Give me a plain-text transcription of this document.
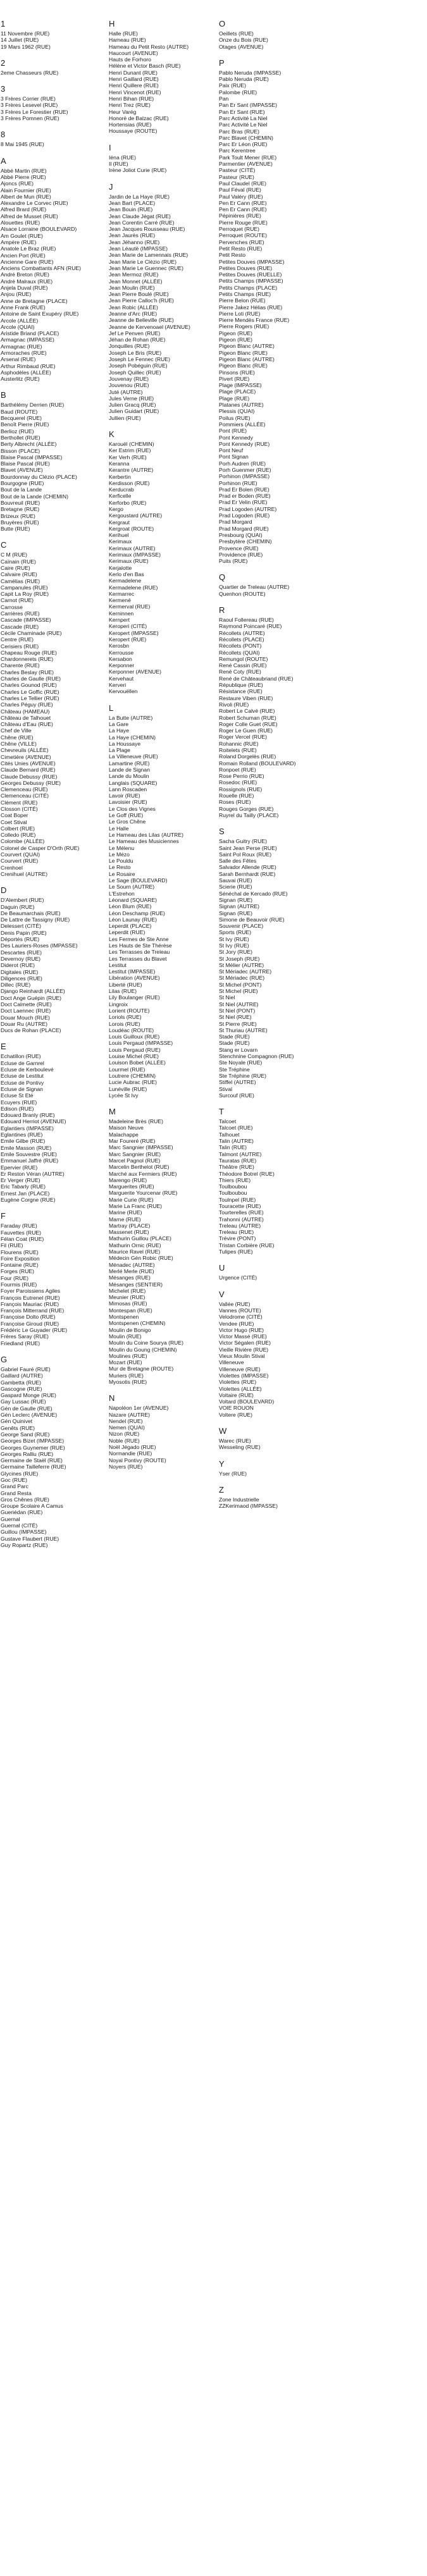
1
11 Novembre (RUE)
14 Juillet (RUE)
19 Mars 1962 (RUE)
2
2eme Chasseurs (RUE)
3
3 Frères Corrier (RUE)
3 Frères Lesevel (RUE)
3 Frères Le Forestier (RUE)
3 Frères Pomnen (RUE)
8
8 Mai 1945 (RUE)
A
Abbé Martin (RUE)
Abbé Pierre (RUE)
Ajoncs (RUE)
Alain Fournier (RUE)
Albert de Mun (RUE)
Alexandre Le Corvec (RUE)
Alfred Brard (RUE)
Alfred de Musset (RUE)
Alouettes (RUE)
Alsace Lorraine (BOULEVARD)
Am Goulet (RUE)
Ampère (RUE)
Anatole Le Braz (RUE)
Ancien Port (RUE)
Ancienne Gare (RUE)
Anciens Combattants AFN (RUE)
André Breton (RUE)
André Malraux (RUE)
Anjela Duval (RUE)
Anjou (RUE)
Anne de Bretagne (PLACE)
Anne Frank (RUE)
Antoine de Saint Exupéry (RUE)
Arcole (ALLÉE)
Arcole (QUAI)
Aristide Briand (PLACE)
Armagnac (IMPASSE)
Armagnac (RUE)
Armoraches (RUE)
Arsenal (RUE)
Arthur Rimbaud (RUE)
Asphodèles (ALLÉE)
Austerlitz (RUE)
B
Barthélémy Derrien (RUE)
Baud (ROUTE)
Becquerel (RUE)
Benoît Pierre (RUE)
Berlioz (RUE)
Berthollet (RUE)
Berty Albrecht (ALLÉE)
Bisson (PLACE)
Blaise Pascal (IMPASSE)
Blaise Pascal (RUE)
Blavet (AVENUE)
Bourdonnay du Clézio (PLACE)
Bourgogne (RUE)
Bout de la Lande
Bout de la Lande (CHEMIN)
Bouvreuil (RUE)
Bretagne (RUE)
Brizeux (RUE)
Bruyères (RUE)
Butte (RUE)
C
C M (RUE)
Caïnain (RUE)
Caire (RUE)
Calvaire (RUE)
Camélias (RUE)
Campanules (RUE)
Capit La Roy (RUE)
Carnot (RUE)
Carrosse
Carrières (RUE)
Cascade (IMPASSE)
Cascade (RUE)
Cécile Chaminade (RUE)
Centre (RUE)
Cerisiers (RUE)
Chapeau Rouge (RUE)
Chardonnerets (RUE)
Charente (RUE)
Charles Beslay (RUE)
Charles de Gaulle (RUE)
Charles Gounod (RUE)
Charles Le Goffic (RUE)
Charles Le Tellier (RUE)
Charles Péguy (RUE)
Château (HAMEAU)
Château de Talhouet
Château d'Eau (RUE)
Chef de Ville
Chêne (RUE)
Chêne (VILLE)
Chevreuils (ALLÉE)
Cimetière (AVENUE)
Cités Unies (AVENUE)
Claude Bernard (RUE)
Claude Debussy (RUE)
Georges Debussy (RUE)
Clemenceau (RUE)
Clemenceau (CITÉ)
Clément (RUE)
Closson (CITÉ)
Coat Boper
Coet Stival
Colbert (RUE)
Colledo (RUE)
Colombe (ALLÉE)
Colonel de Casper D'Orth (RUE)
Courvert (QUAI)
Courvert (RUE)
Crenhoel
Crenihuel (AUTRE)
D
D'Alembert (RUE)
Daguin (RUE)
De Beaumarchais (RUE)
De Lattre de Tassigny (RUE)
Delessert (CITÉ)
Denis Papin (RUE)
Déportés (RUE)
Des Lauriers-Roses (IMPASSE)
Descartes (RUE)
Devernoy (RUE)
Diderot (RUE)
Digitales (RUE)
Diligences (RUE)
Dillec (RUE)
Django Reinhardt (ALLÉE)
Doct Ange Guépin (RUE)
Doct Calmette (RUE)
Doct Laennec (RUE)
Douar Mouch (RUE)
Douar Ru (AUTRE)
Ducs de Rohan (PLACE)
E
Echatillon (RUE)
Ecluse de Garnrel
Ecluse de Kerboulevé
Ecluse de Lestitut
Ecluse de Pontivy
Ecluse de Signan
Ecluse St Eté
Ecuyers (RUE)
Edison (RUE)
Edouard Branly (RUE)
Edouard Herriot (AVENUE)
Eglantiers (IMPASSE)
Eglantines (RUE)
Emile Gilbe (RUE)
Emile Masson (RUE)
Emile Souvestre (RUE)
Emmanuel Jaffré (RUE)
Epervier (RUE)
Er Reston Véran (AUTRE)
Er Verger (RUE)
Eric Tabarly (RUE)
Ernest Jan (PLACE)
Eugène Corgne (RUE)
F
Faraday (RUE)
Fauvettes (RUE)
Félan Coat (RUE)
Fil (RUE)
Flourens (RUE)
Foire Exposition
Fontaine (RUE)
Forges (RUE)
Four (RUE)
Fourmis (RUE)
Foyer Paroissiens Agiles
François Eutrenel (RUE)
François Mauriac (RUE)
François Mitterrand (RUE)
Françoise Dolto (RUE)
Françoise Giroud (RUE)
Frédéric Le Guyader (RUE)
Frères Saray (RUE)
Friedland (RUE)
G
Gabriel Fauré (RUE)
Gaillard (AUTRE)
Gambetta (RUE)
Gascogne (RUE)
Gaspard Monge (RUE)
Gay Lussac (RUE)
Gén de Gaulle (RUE)
Gén Leclerc (AVENUE)
Gén Quinivet
Genêts (RUE)
George Sand (RUE)
Georges Bizet (IMPASSE)
Georges Guynemer (RUE)
Georges Ralliu (RUE)
Germaine de Staël (RUE)
Germaine Tailleferre (RUE)
Glycines (RUE)
Goc (RUE)
Grand Parc
Grand Resta
Gros Chênes (RUE)
Groupe Scolaire A Camus
Gueriédan (RUE)
Guernal
Guernal (CITÉ)
Guillou (IMPASSE)
Gustave Flaubert (RUE)
Guy Ropartz (RUE)
H
Halle (RUE)
Hameau (RUE)
Hameau du Petit Resto (AUTRE)
Haucourt (AVENUE)
Hauts de Forhoro
Hélène et Victor Basch (RUE)
Henri Dunant (RUE)
Henri Gaillard (RUE)
Henri Quillere (RUE)
Henri Vincenot (RUE)
Henri Bihan (RUE)
Henri Trez (RUE)
Heur Varég
Honoré de Balzac (RUE)
Hortensias (RUE)
Houssaye (ROUTE)
I
Iéna (RUE)
Il (RUE)
Irène Joliot Curie (RUE)
J
Jardin de La Haye (RUE)
Jean Bart (PLACE)
Jean Bouin (RUE)
Jean Claude Jégat (RUE)
Jean Corentin Carré (RUE)
Jean Jacques Rousseau (RUE)
Jean Jaurès (RUE)
Jean Jéhanno (RUE)
Jean Léautë (IMPASSE)
Jean Marie de Lamennais (RUE)
Jean Marie Le Clézio (RUE)
Jean Marie Le Guennec (RUE)
Jean Mermoz (RUE)
Jean Monnet (ALLÉE)
Jean Moulin (RUE)
Jean Pierre Boulé (RUE)
Jean Pierre Calloc'h (RUE)
Jean Robic (ALLÉE)
Jeanne d'Arc (RUE)
Jeanne de Belleville (RUE)
Jeanne de Kervenoael (AVENUE)
Jef Le Penven (RUE)
Jéhan de Rohan (RUE)
Jonquilles (RUE)
Joseph Le Bris (RUE)
Joseph Le Fennec (RUE)
Joseph Pobéguin (RUE)
Joseph Quillec (RUE)
Jouvenay (RUE)
Jouvenou (RUE)
Juté (AUTRE)
Jules Verne (RUE)
Julien Gracq (RUE)
Julien Guidart (RUE)
Jullien (RUE)
K
Karouël (CHEMIN)
Ker Estrim (RUE)
Ker Verh (RUE)
Keranna
Kerantre (AUTRE)
Kerbertin
Kerdisson (RUE)
Kerducrab
Kerficelle
Kerforbo (RUE)
Kergo
Kergoustard (AUTRE)
Kergraut
Kergroat (ROUTE)
Kerihuel
Kerimaux
Kerimaux (AUTRE)
Kerimaux (IMPASSE)
Kerimaux (RUE)
Kerjalotte
Kerlo d'en Bas
Kermadelene
Kermadelene (RUE)
Kermarrec
Kermené
Kermerval (RUE)
Kerninnen
Kernpert
Keroperi (CITÉ)
Keropert (IMPASSE)
Keropert (RUE)
Kerosbn
Kerrousse
Kersabon
Kerponner
Kerponner (AVENUE)
Kervehaut
Kerveri
Kervouëllen
L
La Butte (AUTRE)
La Gare
La Haye
La Haye (CHEMIN)
La Houssaye
La Plage
La Villeneuve (RUE)
Lamartine (RUE)
Lande de Signan
Lande du Moulin
Langlais (SQUARE)
Lann Roscaden
Lavoir (RUE)
Lavoisier (RUE)
Le Clos des Vignes
Le Goff (RUE)
Le Gros Chêne
Le Halle
Le Hameau des Lilas (AUTRE)
Le Hameau des Musiciennes
Le Mélenu
Le Mézo
Le Pouldu
Le Resto
Le Rosaire
Le Sage (BOULEVARD)
Le Sourn (AUTRE)
L'Estrehon
Léonard (SQUARE)
Léon Blum (RUE)
Léon Deschamp (RUE)
Léon Launay (RUE)
Leperdit (PLACE)
Leperdit (RUE)
Les Fermes de Ste Anne
Les Hauts de Ste Thérèse
Les Terrasses de Treleau
Les Terrasses du Blavet
Lestitut
Lestitut (IMPASSE)
Libération (AVENUE)
Liberté (RUE)
Lilas (RUE)
Lily Boulanger (RUE)
Lingroix
Lorient (ROUTE)
Loriols (RUE)
Lorois (RUE)
Loudéac (ROUTE)
Louis Guilloux (RUE)
Louis Pergaud (IMPASSE)
Louis Pergaud (RUE)
Louise Michel (RUE)
Louison Bobet (ALLÉE)
Lourmel (RUE)
Loutrere (CHEMIN)
Lucie Aubrac (RUE)
Lunéville (RUE)
Lycée St Ivy
M
Madeleine Brès (RUE)
Maison Neuve
Malachappe
Mar Foureré (RUE)
Marc Sangnier (IMPASSE)
Marc Sangnier (RUE)
Marcel Pagnol (RUE)
Marcelin Berthelot (RUE)
Marché aux Fermiers (RUE)
Marengo (RUE)
Marguerites (RUE)
Marguerite Yourcenar (RUE)
Marie Curie (RUE)
Marie La Franc (RUE)
Marine (RUE)
Marne (RUE)
Martray (PLACE)
Massenet (RUE)
Mathurin Guillou (PLACE)
Mathurin Ornic (RUE)
Maurice Ravel (RUE)
Médecin Gén Robic (RUE)
Ménadec (AUTRE)
Merlé Merle (RUE)
Mésanges (RUE)
Mésanges (SENTIER)
Michelet (RUE)
Meunier (RUE)
Mimosas (RUE)
Montespan (RUE)
Montspenen
Montspenen (CHEMIN)
Moulin de Bonigo
Moulin (RUE)
Moulin du Coine Sourya (RUE)
Moulin du Goung (CHEMIN)
Moulines (RUE)
Mozart (RUE)
Mur de Bretagne (ROUTE)
Muriers (RUE)
Myosotis (RUE)
N
Napoléon 1er (AVENUE)
Nazare (AUTRE)
Nendel (RUE)
Nemen (QUAI)
Nizon (RUE)
Noble (RUE)
Noël Jégado (RUE)
Normandie (RUE)
Noyal Pontivy (ROUTE)
Noyers (RUE)
O
Oeillets (RUE)
Onze du Bois (RUE)
Otages (AVENUE)
P
Pablo Neruda (IMPASSE)
Pablo Neruda (RUE)
Paix (RUE)
Palombe (RUE)
Pan
Pan Er Sant (IMPASSE)
Pan Er Sant (RUE)
Parc Activité La Niel
Parc Activité Le Niel
Parc Bras (RUE)
Parc Blavet (CHEMIN)
Parc Er Léon (RUE)
Parc Kerentree
Park Toult Mener (RUE)
Parmentier (AVENUE)
Pasteur (CITÉ)
Pasteur (RUE)
Paul Claudel (RUE)
Paul Féval (RUE)
Paul Valéry (RUE)
Pen Er Cann (RUE)
Pen Er Cann (RUE)
Pépinières (RUE)
Pierre Rouge (RUE)
Perroquet (RUE)
Perroquet (ROUTE)
Pervenches (RUE)
Petit Resto (RUE)
Petit Resto
Petites Douves (IMPASSE)
Petites Douves (RUE)
Petites Douves (RUELLE)
Petits Champs (IMPASSE)
Petits Champs (PLACE)
Petits Champs (RUE)
Pierre Belon (RUE)
Pierre Jakez Hélias (RUE)
Pierre Loti (RUE)
Pierre Mendès France (RUE)
Pierre Rogers (RUE)
Pigeon (RUE)
Pigeon (RUE)
Pigeon Blanc (AUTRE)
Pigeon Blanc (RUE)
Pigeon Blanc (AUTRE)
Pigeon Blanc (RUE)
Pinsons (RUE)
Pivert (RUE)
Plage (IMPASSE)
Plage (PLACE)
Plage (RUE)
Platanes (AUTRE)
Plessis (QUAI)
Poilus (RUE)
Pommiers (ALLÉE)
Pont (RUE)
Pont Kennedy
Pont Kennedy (RUE)
Pont Neuf
Pont Signan
Porh Audren (RUE)
Porh Guenmer (RUE)
Porhinon (IMPASSE)
Porhinon (RUE)
Prad Er Bolen (RUE)
Prad er Boden (RUE)
Prad Er Velin (RUE)
Prad Logoden (AUTRE)
Prad Logoden (RUE)
Prad Morgard
Prad Morgard (RUE)
Presbourg (QUAI)
Presbytère (CHEMIN)
Provence (RUE)
Providence (RUE)
Puits (RUE)
Q
Quartier de Treleau (AUTRE)
Quenhon (ROUTE)
R
Raoul Follereau (RUE)
Raymond Poincaré (RUE)
Récollets (AUTRE)
Récollets (PLACE)
Récollets (PONT)
Récollets (QUAI)
Remungol (ROUTE)
René Cassin (RUE)
René Coty (RUE)
René de Châteaubriand (RUE)
République (RUE)
Résistance (RUE)
Restaure Viben (RUE)
Rivoli (RUE)
Robert Le Calvé (RUE)
Robert Schuman (RUE)
Roger Colle Guet (RUE)
Roger Le Guen (RUE)
Roger Vercel (RUE)
Rohannic (RUE)
Roitelets (RUE)
Roland Dorgelès (RUE)
Romain Rolland (BOULEVARD)
Ronpoet (RUE)
Rose Perrio (RUE)
Rosedoc (RUE)
Rossignols (RUE)
Rouelle (RUE)
Roses (RUE)
Rouges Gorges (RUE)
Ruyrel du Tailly (PLACE)
S
Sacha Guitry (RUE)
Saint Jean Perse (RUE)
Saint Pol Roux (RUE)
Salle des Fêtes
Salvador Allende (RUE)
Sarah Bernhardt (RUE)
Sauvai (RUE)
Scierie (RUE)
Sénéchal de Kercado (RUE)
Signan (RUE)
Signan (AUTRE)
Signan (RUE)
Simone de Beauvoir (RUE)
Souvenir (PLACE)
Sports (RUE)
St Ivy (RUE)
St Ivy (RUE)
St Jory (RUE)
St Joseph (RUE)
St Mélier (AUTRE)
St Mériadec (AUTRE)
St Mériadec (RUE)
St Michel (PONT)
St Michel (RUE)
St Niel
St Niel (AUTRE)
St Niel (PONT)
St Niel (RUE)
St Pierre (RUE)
St Thuriau (AUTRE)
Stade (RUE)
Stade (RUE)
Stang er Lovarn
Stenchnine Compagnon (RUE)
Ste Noyale (RUE)
Ste Tréphine
Ste Tréphine (RUE)
Stiffel (AUTRE)
Stival
Surcouf (RUE)
T
Talcoet
Talcoet (RUE)
Talhouet
Talin (AUTRE)
Talin (RUE)
Talmont (AUTRE)
Tauratas (RUE)
Théâtre (RUE)
Théodore Botrel (RUE)
Thiers (RUE)
Toulboubou
Toulboubou
Toulnpel (RUE)
Touracette (RUE)
Tourterelles (RUE)
Trahonni (AUTRE)
Treleau (AUTRE)
Treleau (RUE)
Trévire (PONT)
Tristan Corbière (RUE)
Tulipes (RUE)
U
Urgence (CITÉ)
V
Vallée (RUE)
Vannes (ROUTE)
Velodrome (CITÉ)
Vendee (RUE)
Victor Hugo (RUE)
Victor Massé (RUE)
Victor Ségalen (RUE)
Vieille Rivière (RUE)
Vieux Moulin Stival
Villeneuve
Villeneuve (RUE)
Violettes (IMPASSE)
Violettes (RUE)
Violettes (ALLÉE)
Voltaire (RUE)
Voltard (BOULEVARD)
VOIE ROUON
Voltere (RUE)
W
Warec (RUE)
Wesseling (RUE)
Y
Yser (RUE)
Z
Zone Industrielle
ZZKerimaod (IMPASSE)
